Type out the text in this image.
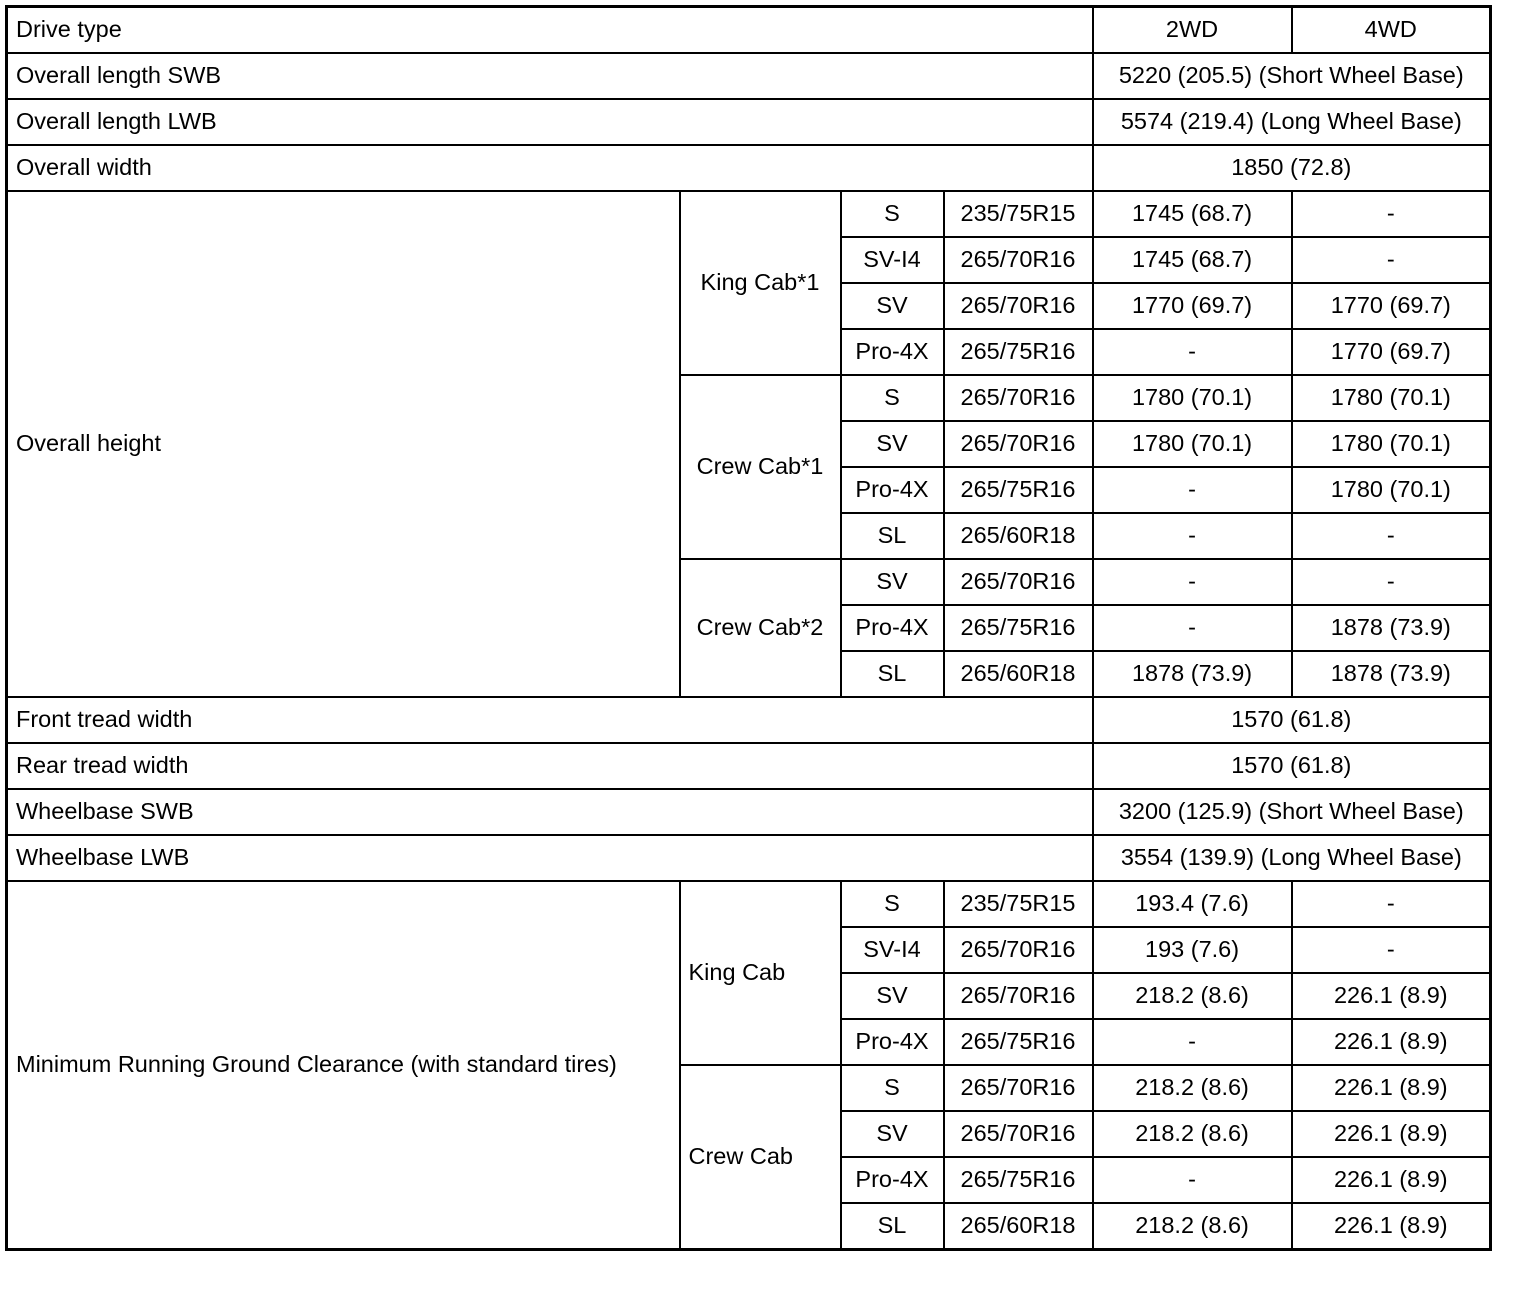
Drive type				2WD	4WD
Overall length SWB				5220 (205.5) (Short Wheel Base)	
Overall length LWB				5574 (219.4) (Long Wheel Base)	
Overall width				1850 (72.8)	
Overall height	King Cab*1	S	235/75R15	1745 (68.7)	-
		SV-I4	265/70R16	1745 (68.7)	-
		SV	265/70R16	1770 (69.7)	1770 (69.7)
		Pro-4X	265/75R16	-	1770 (69.7)
	Crew Cab*1	S	265/70R16	1780 (70.1)	1780 (70.1)
		SV	265/70R16	1780 (70.1)	1780 (70.1)
		Pro-4X	265/75R16	-	1780 (70.1)
		SL	265/60R18	-	-
	Crew Cab*2	SV	265/70R16	-	-
		Pro-4X	265/75R16	-	1878 (73.9)
		SL	265/60R18	1878 (73.9)	1878 (73.9)
Front tread width				1570 (61.8)	
Rear tread width				1570 (61.8)	
Wheelbase SWB				3200 (125.9) (Short Wheel Base)	
Wheelbase LWB				3554 (139.9) (Long Wheel Base)	
Minimum Running Ground Clearance (with standard tires)	King Cab	S	235/75R15	193.4 (7.6)	-
		SV-I4	265/70R16	193 (7.6)	-
		SV	265/70R16	218.2 (8.6)	226.1 (8.9)
		Pro-4X	265/75R16	-	226.1 (8.9)
	Crew Cab	S	265/70R16	218.2 (8.6)	226.1 (8.9)
		SV	265/70R16	218.2 (8.6)	226.1 (8.9)
		Pro-4X	265/75R16	-	226.1 (8.9)
		SL	265/60R18	218.2 (8.6)	226.1 (8.9)
